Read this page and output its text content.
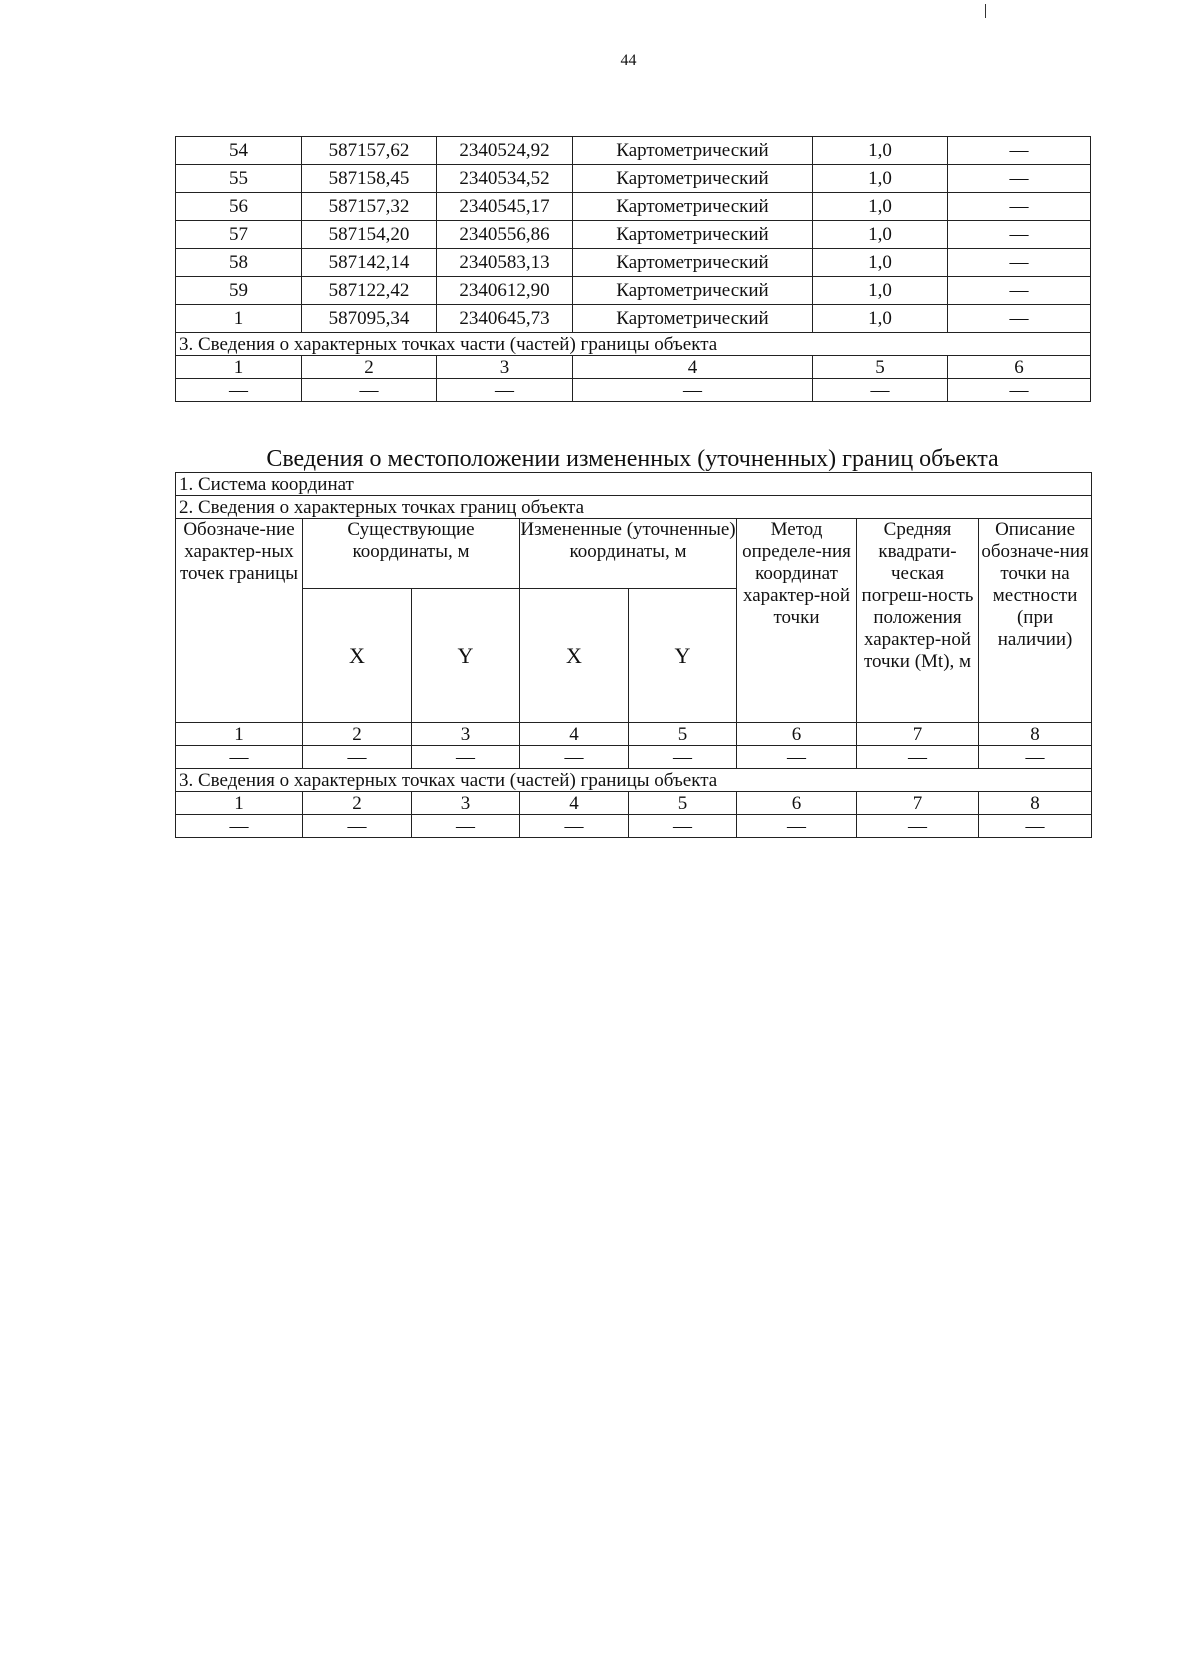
44
54	587157,62	2340524,92	Картометрический	1,0	—
55	587158,45	2340534,52	Картометрический	1,0	—
56	587157,32	2340545,17	Картометрический	1,0	—
57	587154,20	2340556,86	Картометрический	1,0	—
58	587142,14	2340583,13	Картометрический	1,0	—
59	587122,42	2340612,90	Картометрический	1,0	—
1	587095,34	2340645,73	Картометрический	1,0	—
3. Сведения о характерных точках части (частей) границы объекта					
1	2	3	4	5	6
—	—	—	—	—	—
Сведения о местоположении измененных (уточненных) границ объекта
1. Система координат							
2. Сведения о характерных точках границ объекта							
Обозначе-ние характер-ных точек границы	Существующие координаты, м		Измененные (уточненные) координаты, м		Метод определе-ния координат характер-ной точки	Средняя квадрати-ческая погреш-ность положения характер-ной точки (Mt), м	Описание обозначе-ния точки на местности (при наличии)
	X	Y	X	Y			
1	2	3	4	5	6	7	8
—	—	—	—	—	—	—	—
3. Сведения о характерных точках части (частей) границы объекта							
1	2	3	4	5	6	7	8
—	—	—	—	—	—	—	—
